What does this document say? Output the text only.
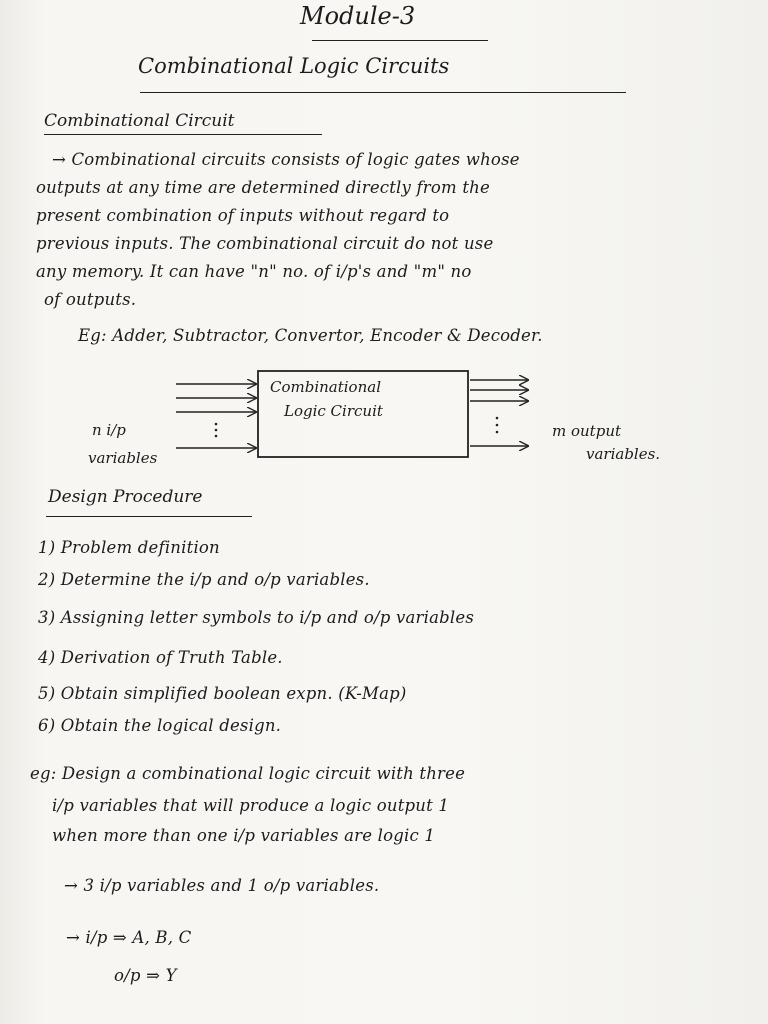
Module-3
Combinational Logic Circuits
Combinational Circuit
→ Combinational circuits consists of logic gates whose
outputs at any time are determined directly from the
present combination of inputs without regard to
previous inputs. The combinational circuit do not use
any memory. It can have "n" no. of i/p's and "m" no
of outputs.
Eg: Adder, Subtractor, Convertor, Encoder & Decoder.
Combinational
Logic Circuit
n i/p
variables
m output
variables.
Design Procedure
1) Problem definition
2) Determine the i/p and o/p variables.
3) Assigning letter symbols to i/p and o/p variables
4) Derivation of Truth Table.
5) Obtain simplified boolean expn. (K-Map)
6) Obtain the logical design.
eg: Design a combinational logic circuit with three
i/p variables that will produce a logic output 1
when more than one i/p variables are logic 1
→ 3 i/p variables and 1 o/p variables.
→ i/p ⇒ A, B, C
o/p ⇒ Y
